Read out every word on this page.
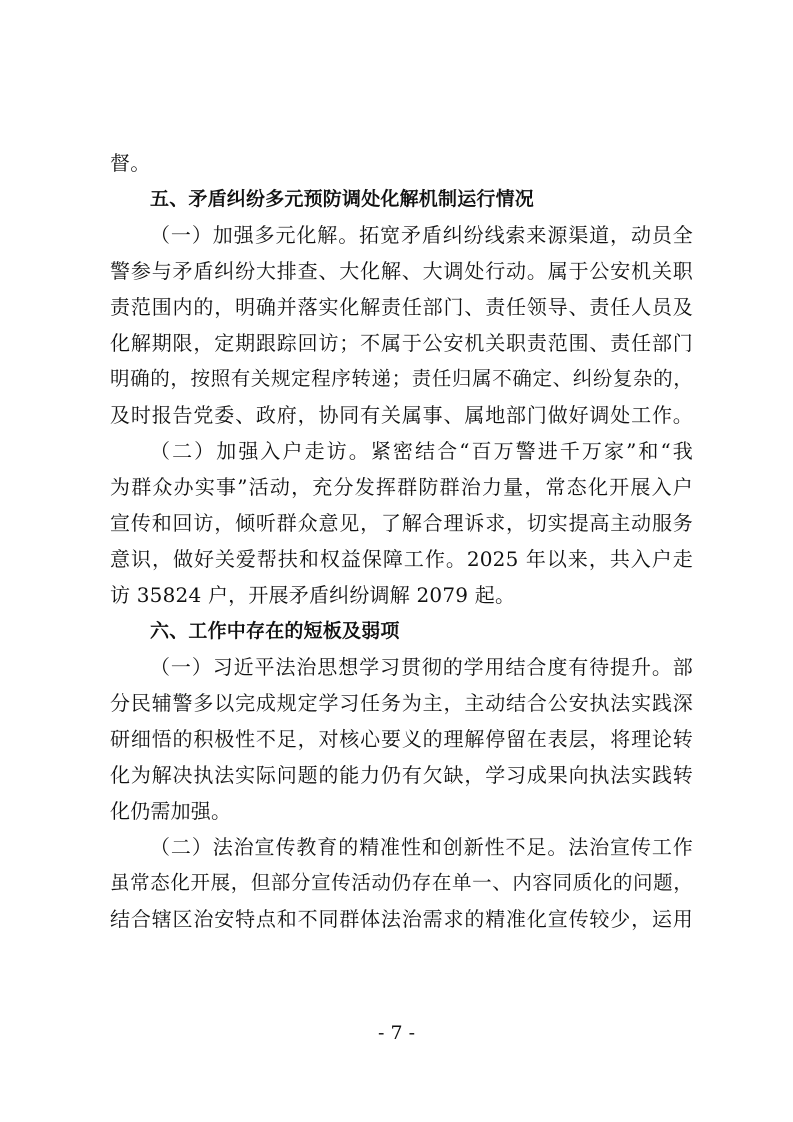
督。
五、矛盾纠纷多元预防调处化解机制运行情况
（一）加强多元化解。拓宽矛盾纠纷线索来源渠道，动员全
警参与矛盾纠纷大排查、大化解、大调处行动。属于公安机关职
责范围内的，明确并落实化解责任部门、责任领导、责任人员及
化解期限，定期跟踪回访；不属于公安机关职责范围、责任部门
明确的，按照有关规定程序转递；责任归属不确定、纠纷复杂的，
及时报告党委、政府，协同有关属事、属地部门做好调处工作。
（二）加强入户走访。紧密结合“百万警进千万家”和“我
为群众办实事”活动，充分发挥群防群治力量，常态化开展入户
宣传和回访，倾听群众意见，了解合理诉求，切实提高主动服务
意识，做好关爱帮扶和权益保障工作。2025 年以来，共入户走
访 35824 户，开展矛盾纠纷调解 2079 起。
六、工作中存在的短板及弱项
（一）习近平法治思想学习贯彻的学用结合度有待提升。部
分民辅警多以完成规定学习任务为主，主动结合公安执法实践深
研细悟的积极性不足，对核心要义的理解停留在表层，将理论转
化为解决执法实际问题的能力仍有欠缺，学习成果向执法实践转
化仍需加强。
（二）法治宣传教育的精准性和创新性不足。法治宣传工作
虽常态化开展，但部分宣传活动仍存在单一、内容同质化的问题，
结合辖区治安特点和不同群体法治需求的精准化宣传较少，运用
- 7 -
